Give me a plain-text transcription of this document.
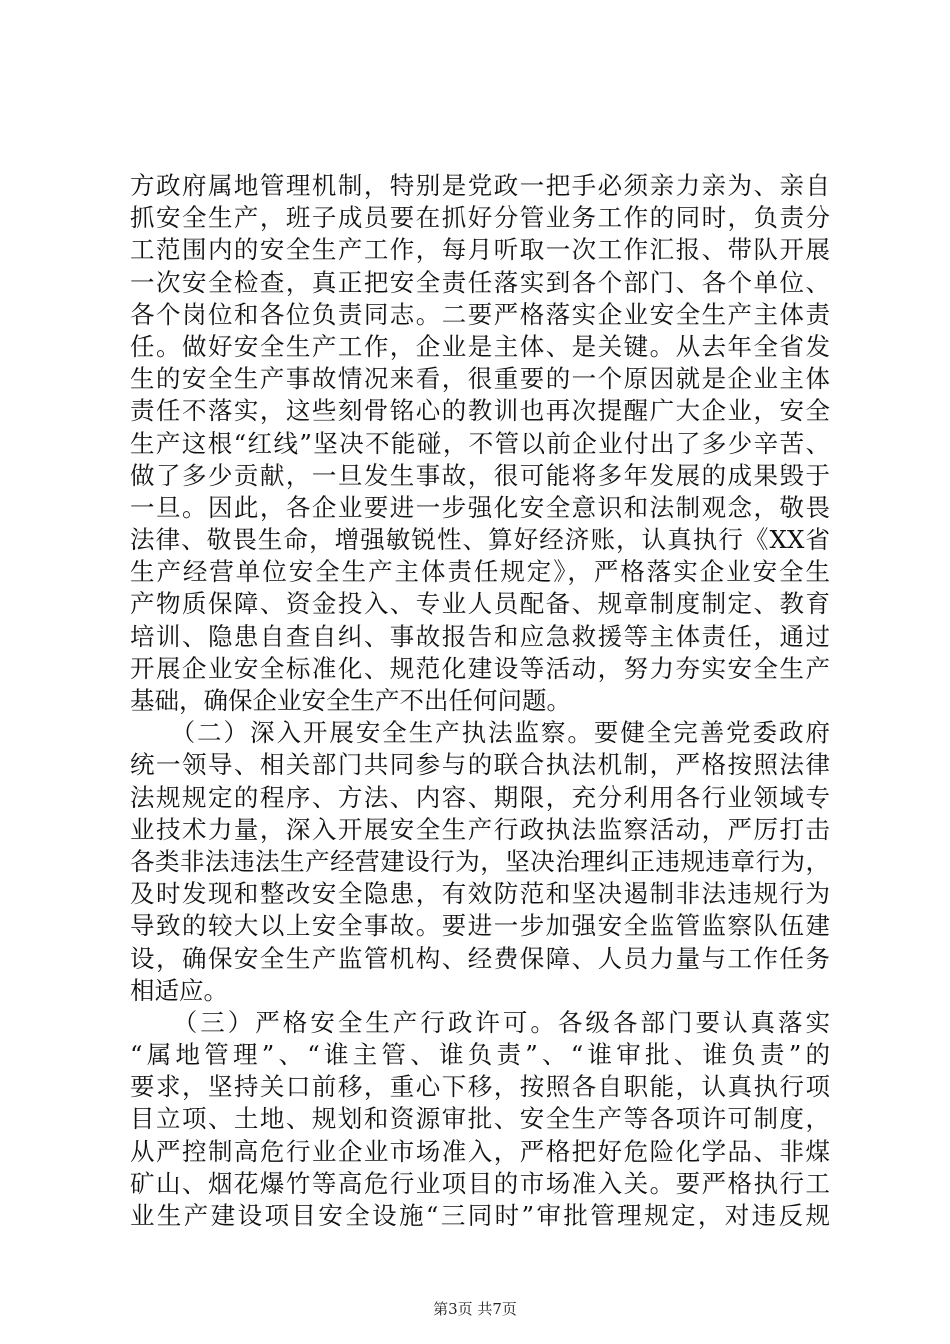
方政府属地管理机制，特别是党政一把手必须亲力亲为、亲自
抓安全生产，班子成员要在抓好分管业务工作的同时，负责分
工范围内的安全生产工作，每月听取一次工作汇报、带队开展
一次安全检查，真正把安全责任落实到各个部门、各个单位、
各个岗位和各位负责同志。二要严格落实企业安全生产主体责
任。做好安全生产工作，企业是主体、是关键。从去年全省发
生的安全生产事故情况来看，很重要的一个原因就是企业主体
责任不落实，这些刻骨铭心的教训也再次提醒广大企业，安全
生产这根“红线”坚决不能碰，不管以前企业付出了多少辛苦、
做了多少贡献，一旦发生事故，很可能将多年发展的成果毁于
一旦。因此，各企业要进一步强化安全意识和法制观念，敬畏
法律、敬畏生命，增强敏锐性、算好经济账，认真执行《XX省
生产经营单位安全生产主体责任规定》，严格落实企业安全生
产物质保障、资金投入、专业人员配备、规章制度制定、教育
培训、隐患自查自纠、事故报告和应急救援等主体责任，通过
开展企业安全标准化、规范化建设等活动，努力夯实安全生产
基础，确保企业安全生产不出任何问题。
　　（二）深入开展安全生产执法监察。要健全完善党委政府
统一领导、相关部门共同参与的联合执法机制，严格按照法律
法规规定的程序、方法、内容、期限，充分利用各行业领域专
业技术力量，深入开展安全生产行政执法监察活动，严厉打击
各类非法违法生产经营建设行为，坚决治理纠正违规违章行为，
及时发现和整改安全隐患，有效防范和坚决遏制非法违规行为
导致的较大以上安全事故。要进一步加强安全监管监察队伍建
设，确保安全生产监管机构、经费保障、人员力量与工作任务
相适应。
　　（三）严格安全生产行政许可。各级各部门要认真落实
“属地管理”、“谁主管、谁负责”、“谁审批、谁负责”的
要求，坚持关口前移，重心下移，按照各自职能，认真执行项
目立项、土地、规划和资源审批、安全生产等各项许可制度，
从严控制高危行业企业市场准入，严格把好危险化学品、非煤
矿山、烟花爆竹等高危行业项目的市场准入关。要严格执行工
业生产建设项目安全设施“三同时”审批管理规定，对违反规
第3页 共7页
